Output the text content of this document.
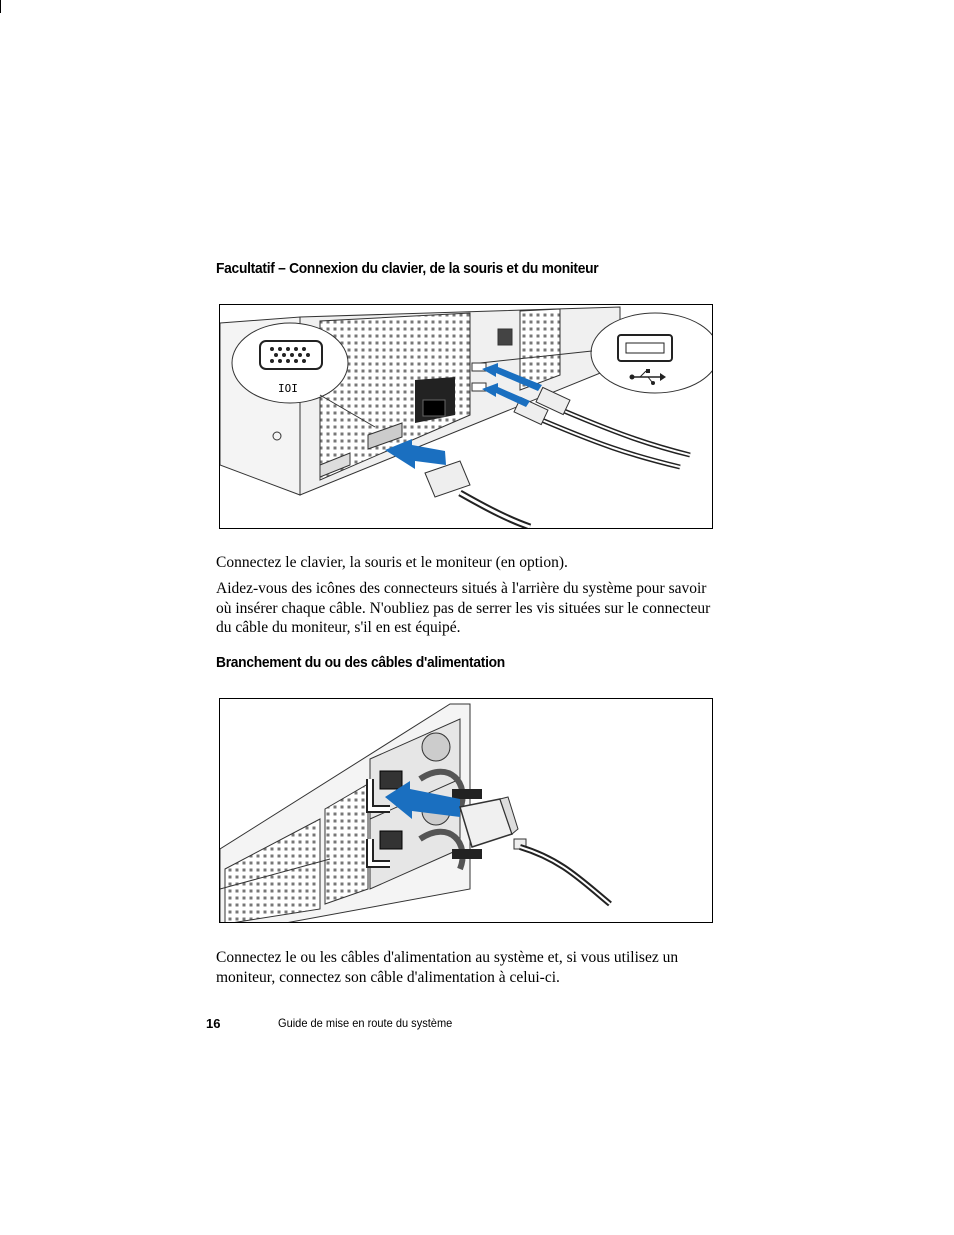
Facultatif – Connexion du clavier, de la souris et du moniteur
IOI

Connectez le clavier, la souris et le moniteur (en option).

Aidez-vous des icônes des connecteurs situés à l'arrière du système pour savoir où insérer chaque câble. N'oubliez pas de serrer les vis situées sur le connecteur du câble du moniteur, s'il en est équipé.

Branchement du ou des câbles d'alimentation

Connectez le ou les câbles d'alimentation au système et, si vous utilisez un moniteur, connectez son câble d'alimentation à celui-ci.

16	Guide de mise en route du système
